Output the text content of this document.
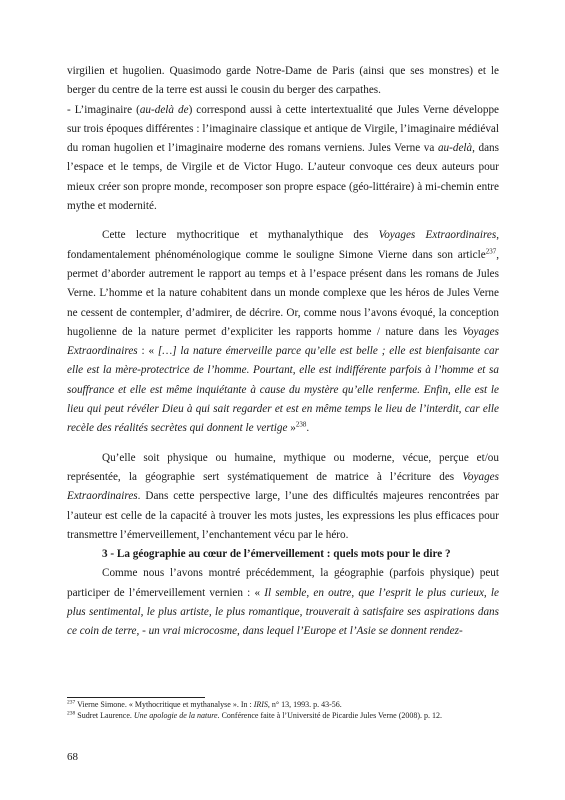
virgilien et hugolien. Quasimodo garde Notre-Dame de Paris (ainsi que ses monstres) et le berger du centre de la terre est aussi le cousin du berger des carpathes.

- L’imaginaire (au-delà de) correspond aussi à cette intertextualité que Jules Verne développe sur trois époques différentes : l’imaginaire classique et antique de Virgile, l’imaginaire médiéval du roman hugolien et l’imaginaire moderne des romans verniens. Jules Verne va au-delà, dans l’espace et le temps, de Virgile et de Victor Hugo. L’auteur convoque ces deux auteurs pour mieux créer son propre monde, recomposer son propre espace (géo-littéraire) à mi-chemin entre mythe et modernité.

Cette lecture mythocritique et mythanalythique des Voyages Extraordinaires, fondamentalement phénoménologique comme le souligne Simone Vierne dans son article$^{237}$, permet d’aborder autrement le rapport au temps et à l’espace présent dans les romans de Jules Verne. L’homme et la nature cohabitent dans un monde complexe que les héros de Jules Verne ne cessent de contempler, d’admirer, de décrire. Or, comme nous l’avons évoqué, la conception hugolienne de la nature permet d’expliciter les rapports homme / nature dans les Voyages Extraordinaires : « […] la nature émerveille parce qu’elle est belle ; elle est bienfaisante car elle est la mère-protectrice de l’homme. Pourtant, elle est indifférente parfois à l’homme et sa souffrance et elle est même inquiétante à cause du mystère qu’elle renferme. Enfin, elle est le lieu qui peut révéler Dieu à qui sait regarder et est en même temps le lieu de l’interdit, car elle recèle des réalités secrètes qui donnent le vertige »$^{238}$.

Qu’elle soit physique ou humaine, mythique ou moderne, vécue, perçue et/ou représentée, la géographie sert systématiquement de matrice à l’écriture des Voyages Extraordinaires. Dans cette perspective large, l’une des difficultés majeures rencontrées par l’auteur est celle de la capacité à trouver les mots justes, les expressions les plus efficaces pour transmettre l’émerveillement, l’enchantement vécu par le héro.

3 - La géographie au cœur de l’émerveillement : quels mots pour le dire ?

Comme nous l’avons montré précédemment, la géographie (parfois physique) peut participer de l’émerveillement vernien : « Il semble, en outre, que l’esprit le plus curieux, le plus sentimental, le plus artiste, le plus romantique, trouverait à satisfaire ses aspirations dans ce coin de terre, - un vrai microcosme, dans lequel l’Europe et l’Asie se donnent rendez-

$^{237}$ Vierne Simone. « Mythocritique et mythanalyse ». In : IRIS, n° 13, 1993. p. 43-56.

$^{238}$ Sudret Laurence. Une apologie de la nature. Conférence faite à l’Université de Picardie Jules Verne (2008). p. 12.

68
